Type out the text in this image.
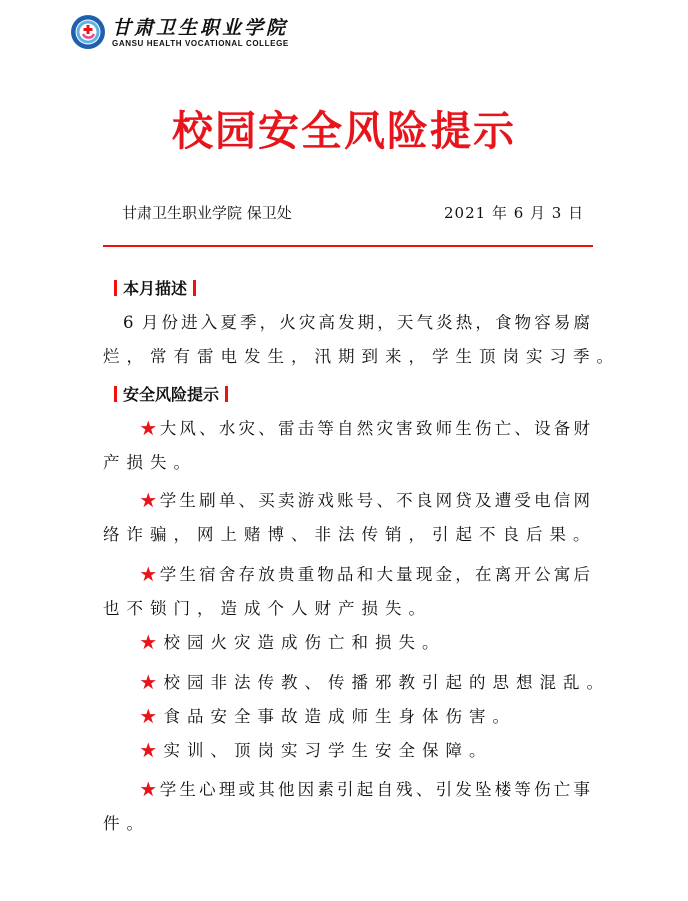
甘肃卫生职业学院
GANSU HEALTH VOCATIONAL COLLEGE
校园安全风险提示
甘肃卫生职业学院 保卫处	2021 年 6 月 3 日
本月描述
6 月份进入夏季，火灾高发期，天气炎热，食物容易腐
烂，常有雷电发生，汛期到来，学生顶岗实习季。
安全风险提示
★大风、水灾、雷击等自然灾害致师生伤亡、设备财
产损失。
★学生刷单、买卖游戏账号、不良网贷及遭受电信网
络诈骗，网上赌博、非法传销，引起不良后果。
★学生宿舍存放贵重物品和大量现金，在离开公寓后
也不锁门，造成个人财产损失。
★校园火灾造成伤亡和损失。
★校园非法传教、传播邪教引起的思想混乱。
★食品安全事故造成师生身体伤害。
★实训、顶岗实习学生安全保障。
★学生心理或其他因素引起自残、引发坠楼等伤亡事
件。
